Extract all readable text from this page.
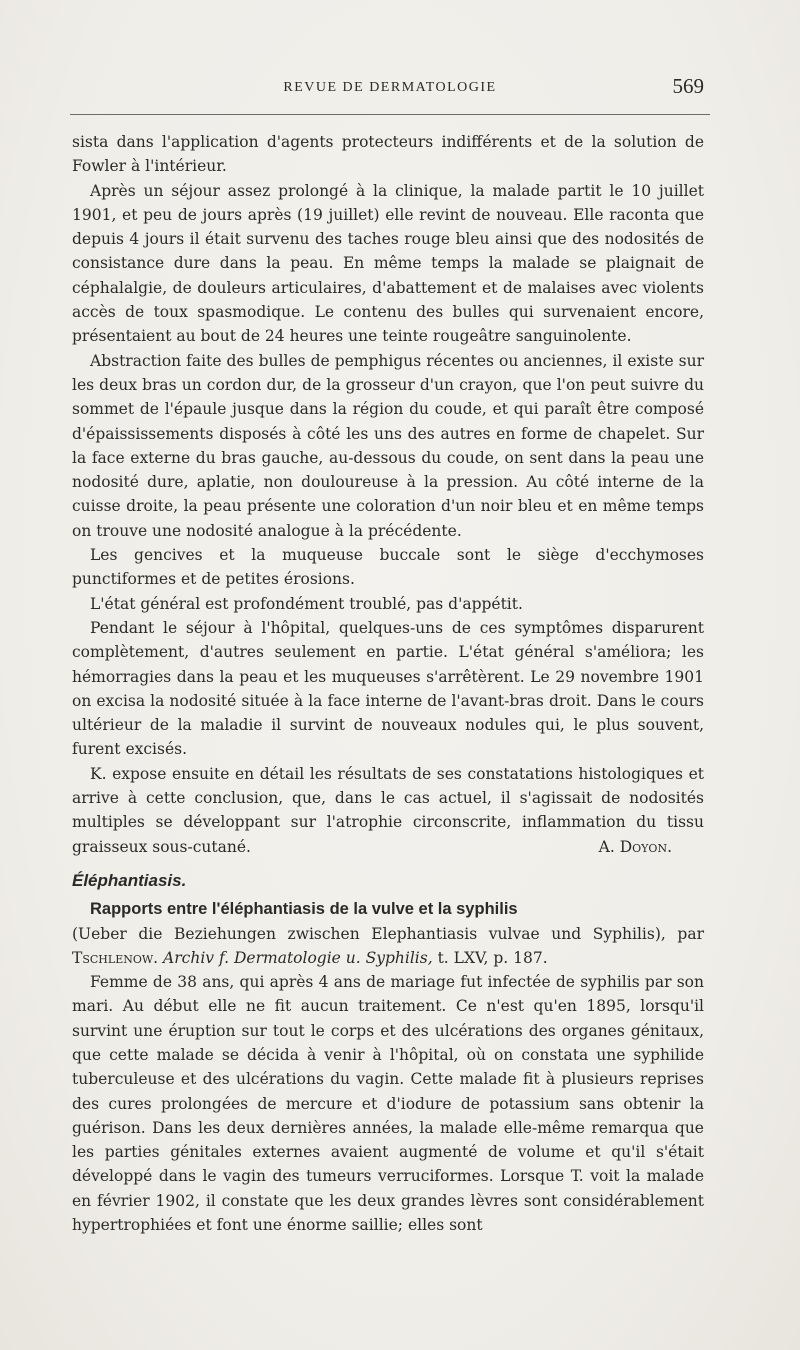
REVUE DE DERMATOLOGIE	569

sista dans l'application d'agents protecteurs indifférents et de la solution de Fowler à l'intérieur.

Après un séjour assez prolongé à la clinique, la malade partit le 10 juillet 1901, et peu de jours après (19 juillet) elle revint de nouveau. Elle raconta que depuis 4 jours il était survenu des taches rouge bleu ainsi que des nodosités de consistance dure dans la peau. En même temps la malade se plaignait de céphalalgie, de douleurs articulaires, d'abattement et de malaises avec violents accès de toux spasmodique. Le contenu des bulles qui survenaient encore, présentaient au bout de 24 heures une teinte rougeâtre sanguinolente.

Abstraction faite des bulles de pemphigus récentes ou anciennes, il existe sur les deux bras un cordon dur, de la grosseur d'un crayon, que l'on peut suivre du sommet de l'épaule jusque dans la région du coude, et qui paraît être composé d'épaississements disposés à côté les uns des autres en forme de chapelet. Sur la face externe du bras gauche, au-dessous du coude, on sent dans la peau une nodosité dure, aplatie, non douloureuse à la pression. Au côté interne de la cuisse droite, la peau présente une coloration d'un noir bleu et en même temps on trouve une nodosité analogue à la précédente.

Les gencives et la muqueuse buccale sont le siège d'ecchymoses punctiformes et de petites érosions.

L'état général est profondément troublé, pas d'appétit.

Pendant le séjour à l'hôpital, quelques-uns de ces symptômes disparurent complètement, d'autres seulement en partie. L'état général s'améliora; les hémorragies dans la peau et les muqueuses s'arrêtèrent. Le 29 novembre 1901 on excisa la nodosité située à la face interne de l'avant-bras droit. Dans le cours ultérieur de la maladie il survint de nouveaux nodules qui, le plus souvent, furent excisés.

K. expose ensuite en détail les résultats de ses constatations histologiques et arrive à cette conclusion, que, dans le cas actuel, il s'agissait de nodosités multiples se développant sur l'atrophie circonscrite, inflammation du tissu graisseux sous-cutané.	A. Doyon.

Éléphantiasis.

Rapports entre l'éléphantiasis de la vulve et la syphilis

(Ueber die Beziehungen zwischen Elephantiasis vulvae und Syphilis), par Tschlenow. Archiv f. Dermatologie u. Syphilis, t. LXV, p. 187.

Femme de 38 ans, qui après 4 ans de mariage fut infectée de syphilis par son mari. Au début elle ne fit aucun traitement. Ce n'est qu'en 1895, lorsqu'il survint une éruption sur tout le corps et des ulcérations des organes génitaux, que cette malade se décida à venir à l'hôpital, où on constata une syphilide tuberculeuse et des ulcérations du vagin. Cette malade fit à plusieurs reprises des cures prolongées de mercure et d'iodure de potassium sans obtenir la guérison. Dans les deux dernières années, la malade elle-même remarqua que les parties génitales externes avaient augmenté de volume et qu'il s'était développé dans le vagin des tumeurs verruciformes. Lorsque T. voit la malade en février 1902, il constate que les deux grandes lèvres sont considérablement hypertrophiées et font une énorme saillie; elles sont
